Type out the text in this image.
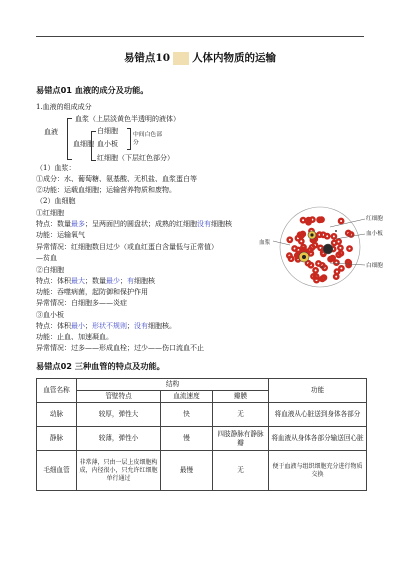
易错点10 人体内物质的运输
易错点01 血液的成分及功能。
1.血液的组成成分
血液
血浆（上层淡黄色半透明的液体）
血细胞
白细胞
血小板
中间白色部分
红细胞（下层红色部分）
（1）血浆：
①成分：水、葡萄糖、氨基酸、无机盐、血浆蛋白等
②功能：运载血细胞；运输营养物质和废物。
（2）血细胞
①红细胞
特点：数量最多；呈两面凹的圆盘状；成熟的红细胞没有细胞核
功能：运输氧气
异常情况：红细胞数目过少（或血红蛋白含量低与正常值）
—贫血
②白细胞
特点：体积最大；数量最少；有细胞核
功能：吞噬病菌，起防御和保护作用
异常情况：白细胞多——炎症
③血小板
特点：体积最小；形状不规则；没有细胞核。
功能：止血、加速凝血。
异常情况：过多——形成血栓；过少——伤口流血不止
红细胞
血小板
血浆
白细胞
易错点02 三种血管的特点及功能。
血管名称	结构			功能
	管壁特点	血流速度	瓣膜	
动脉	较厚，弹性大	快	无	将血液从心脏送到身体各部分
静脉	较薄，弹性小	慢	四肢静脉有静脉瓣	将血液从身体各部分输送回心脏
毛细血管	非常薄，只由一层上皮细胞构成，内径很小，只允许红细胞单行通过	最慢	无	便于血液与组织细胞充分进行物质交换
